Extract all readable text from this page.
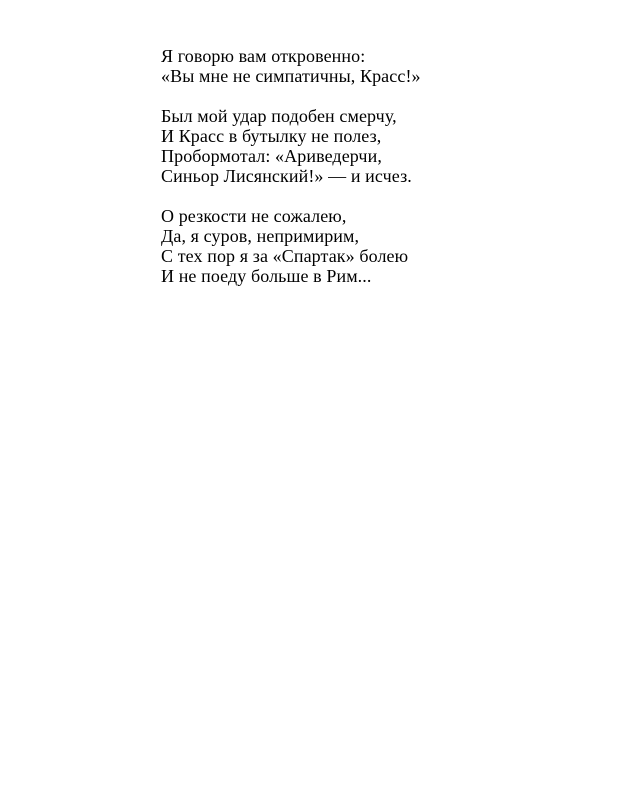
Я говорю вам откровенно:
«Вы мне не симпатичны, Красс!»
Был мой удар подобен смерчу,
И Красс в бутылку не полез,
Пробормотал: «Ариведерчи,
Синьор Лисянский!» — и исчез.
О резкости не сожалею,
Да, я суров, непримирим,
С тех пор я за «Спартак» болею
И не поеду больше в Рим...
